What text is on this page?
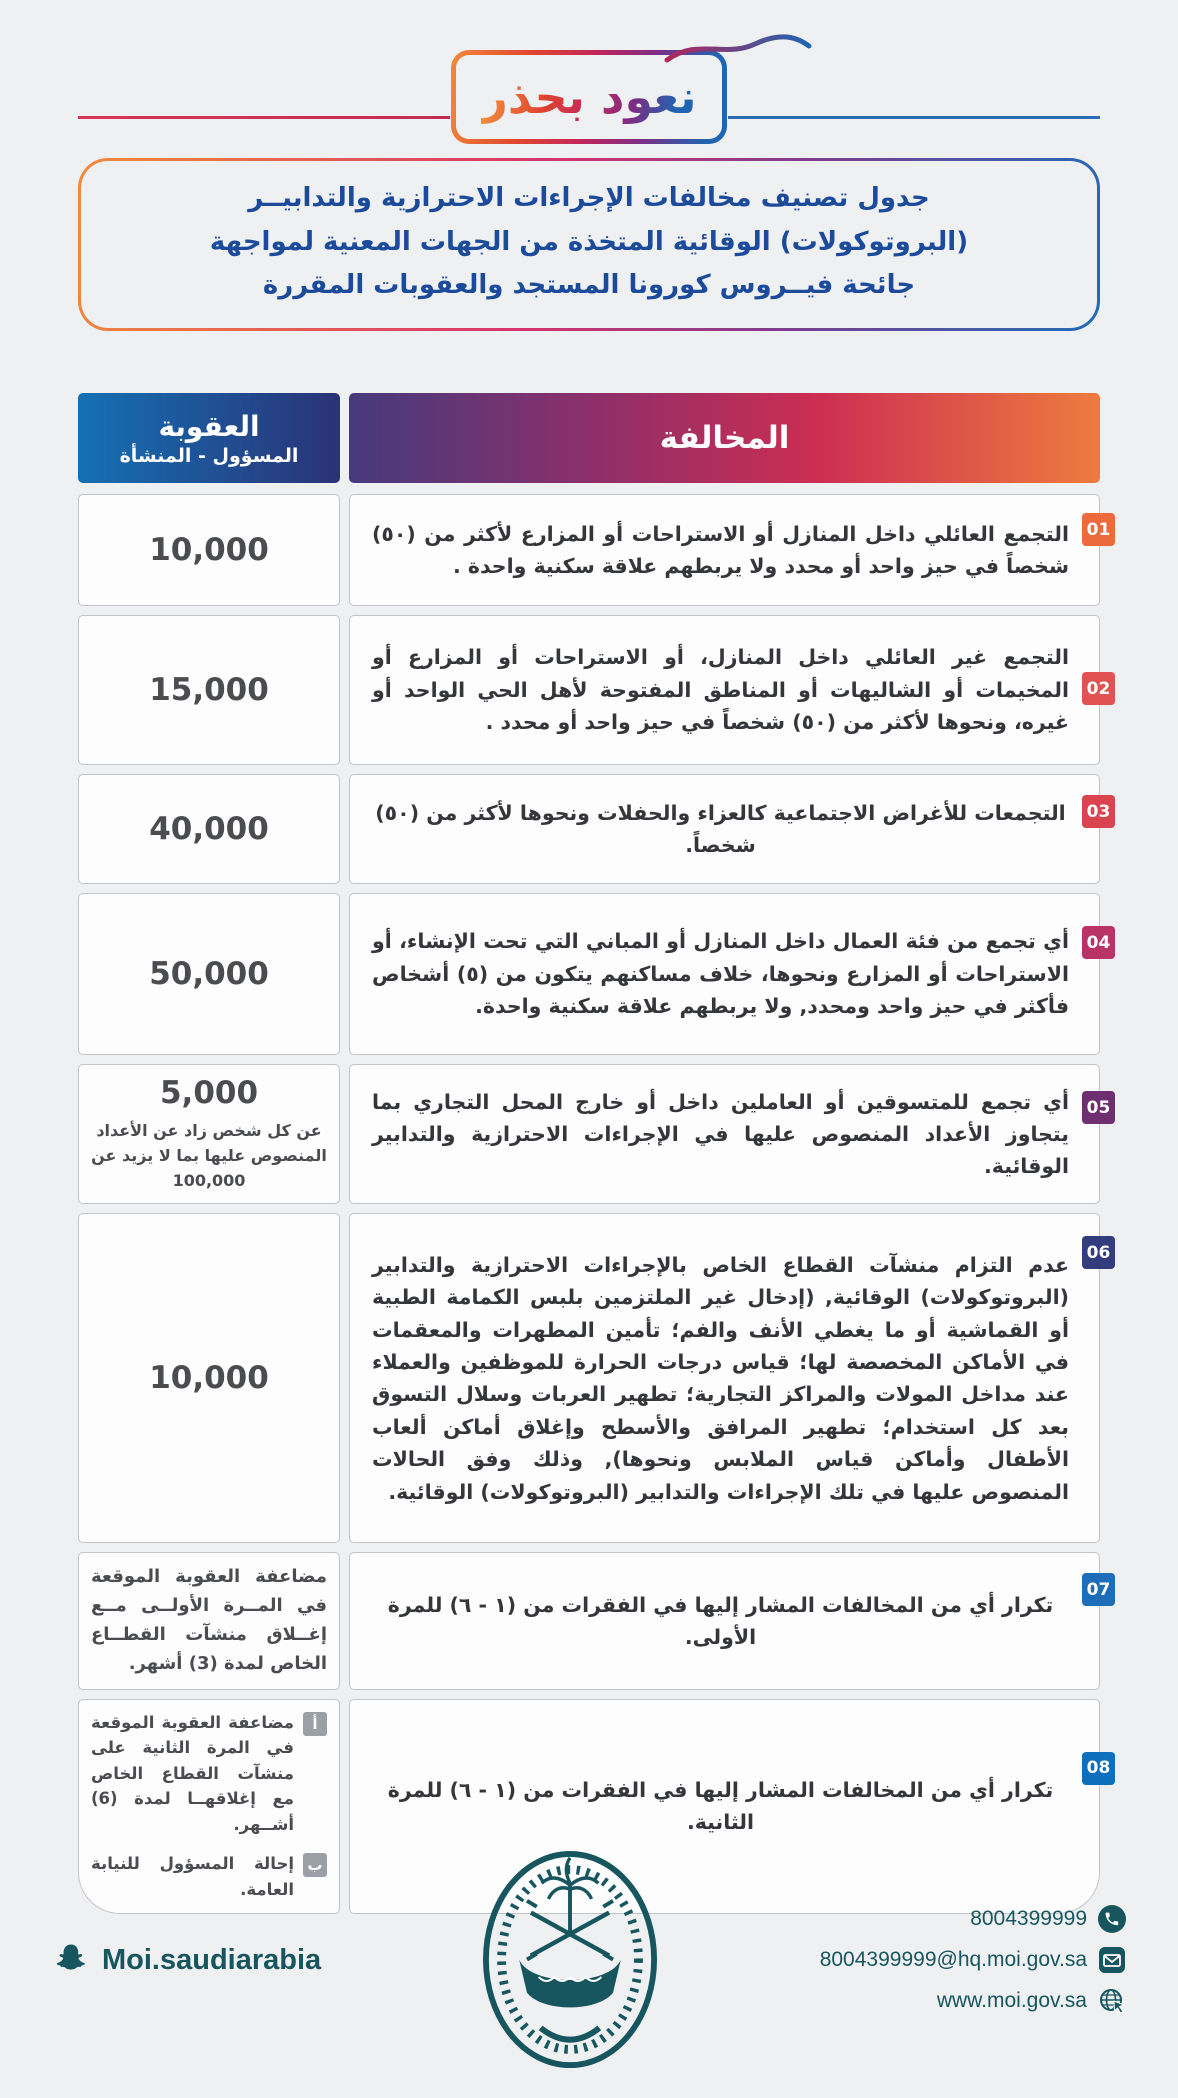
نعود بحذر
جدول تصنيف مخالفات الإجراءات الاحترازية والتدابيــر
(البروتوكولات) الوقائية المتخذة من الجهات المعنية لمواجهة
جائحة فيــروس كورونا المستجد والعقوبات المقررة
المخالفة
العقوبة
المسؤول - المنشأة
01

التجمع العائلي داخل المنازل أو الاستراحات أو المزارع لأكثر من (٥٠) شخصاً في حيز واحد أو محدد ولا يربطهم علاقة سكنية واحدة .

10,000
02

التجمع غير العائلي داخل المنازل، أو الاستراحات أو المزارع أو المخيمات أو الشاليهات أو المناطق المفتوحة لأهل الحي الواحد أو غيره، ونحوها لأكثر من (٥٠) شخصاً في حيز واحد أو محدد .

15,000
03

التجمعات للأغراض الاجتماعية كالعزاء والحفلات ونحوها لأكثر من (٥٠) شخصاً.

40,000
04

أي تجمع من فئة العمال داخل المنازل أو المباني التي تحت الإنشاء، أو الاستراحات أو المزارع ونحوها، خلاف مساكنهم يتكون من (٥) أشخاص فأكثر في حيز واحد ومحدد, ولا يربطهم علاقة سكنية واحدة.

50,000
05

أي تجمع للمتسوقين أو العاملين داخل أو خارج المحل التجاري بما يتجاوز الأعداد المنصوص عليها في الإجراءات الاحترازية والتدابير الوقائية.

5,000
عن كل شخص زاد عن الأعداد المنصوص عليها بما لا يزيد عن 100,000
06

عدم التزام منشآت القطاع الخاص بالإجراءات الاحترازية والتدابير (البروتوكولات) الوقائية, (إدخال غير الملتزمين بلبس الكمامة الطبية أو القماشية أو ما يغطي الأنف والفم؛ تأمين المطهرات والمعقمات في الأماكن المخصصة لها؛ قياس درجات الحرارة للموظفين والعملاء عند مداخل المولات والمراكز التجارية؛ تطهير العربات وسلال التسوق بعد كل استخدام؛ تطهير المرافق والأسطح وإغلاق أماكن ألعاب الأطفال وأماكن قياس الملابس ونحوها), وذلك وفق الحالات المنصوص عليها في تلك الإجراءات والتدابير (البروتوكولات) الوقائية.

10,000
07

تكرار أي من المخالفات المشار إليها في الفقرات من (١ - ٦) للمرة الأولى.

مضاعفة العقوبة الموقعة في المــرة الأولــى مــع إغــلاق منشآت القطــاع الخاص لمدة (3) أشهر.

08

تكرار أي من المخالفات المشار إليها في الفقرات من (١ - ٦) للمرة الثانية.

أ

مضاعفة العقوبة الموقعة في المرة الثانية على منشآت القطاع الخاص مع إغلاقهــا لمدة (6) أشــهر.

ب

إحالة المسؤول للنيابة العامة.

Moi.saudiarabia
8004399999
8004399999@hq.moi.gov.sa
www.moi.gov.sa
